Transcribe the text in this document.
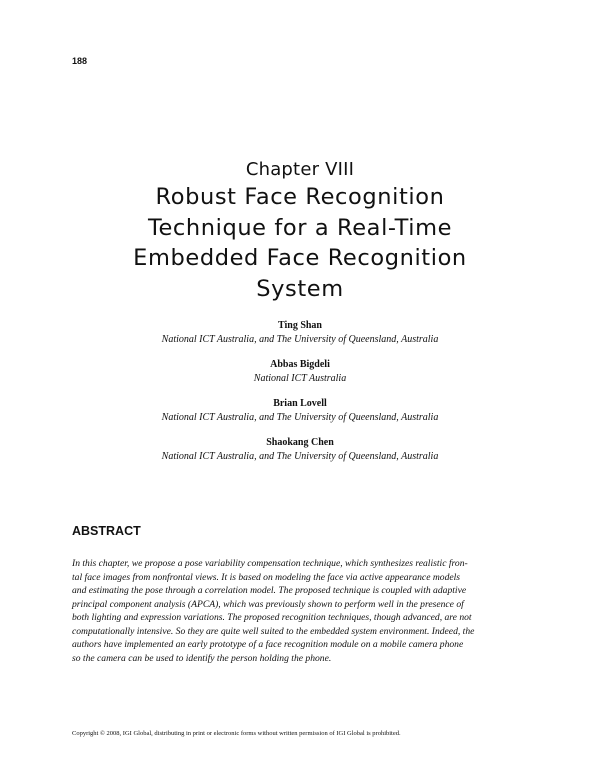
188
Chapter VIII
Robust Face Recognition
Technique for a Real-Time
Embedded Face Recognition
System
Ting Shan
National ICT Australia, and The University of Queensland, Australia
Abbas Bigdeli
National ICT Australia
Brian Lovell
National ICT Australia, and The University of Queensland, Australia
Shaokang Chen
National ICT Australia, and The University of Queensland, Australia
ABSTRACT
In this chapter, we propose a pose variability compensation technique, which synthesizes realistic fron-
tal face images from nonfrontal views. It is based on modeling the face via active appearance models
and estimating the pose through a correlation model. The proposed technique is coupled with adaptive
principal component analysis (APCA), which was previously shown to perform well in the presence of
both lighting and expression variations. The proposed recognition techniques, though advanced, are not
computationally intensive. So they are quite well suited to the embedded system environment. Indeed, the
authors have implemented an early prototype of a face recognition module on a mobile camera phone
so the camera can be used to identify the person holding the phone.
Copyright © 2008, IGI Global, distributing in print or electronic forms without written permission of IGI Global is prohibited.
